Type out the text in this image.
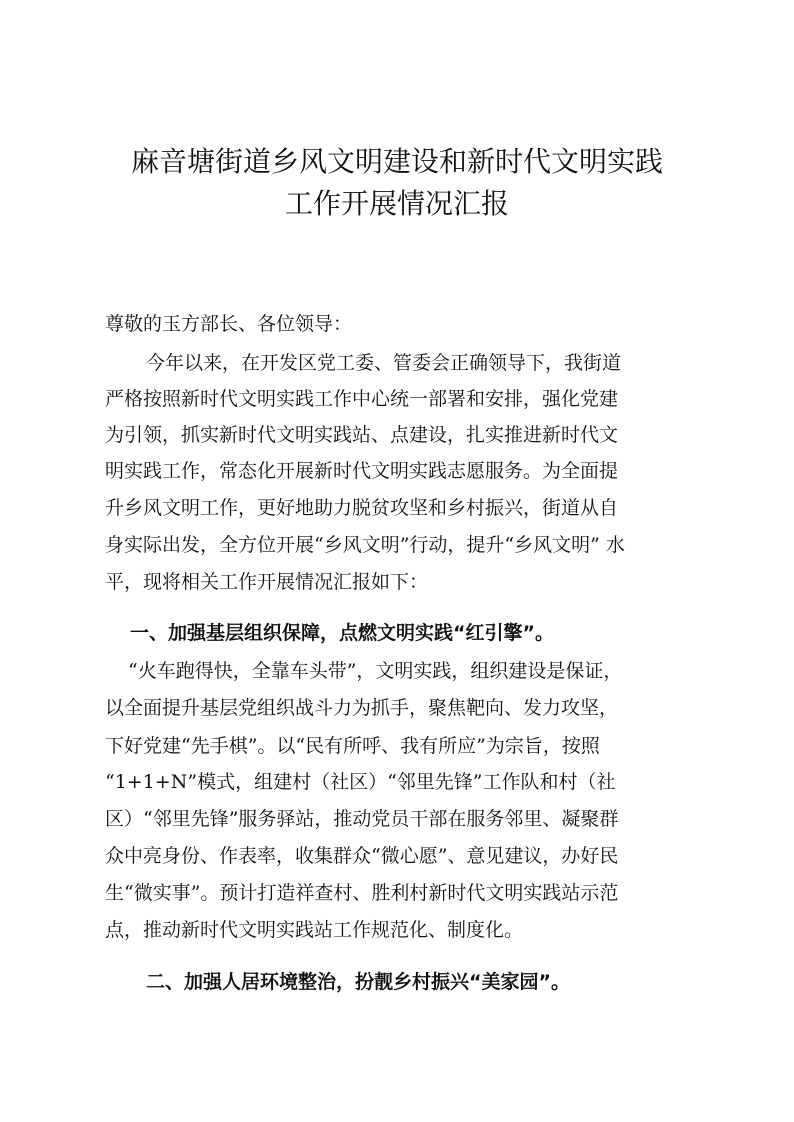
麻音塘街道乡风文明建设和新时代文明实践
工作开展情况汇报

尊敬的玉方部长、各位领导：

今年以来，在开发区党工委、管委会正确领导下，我街道

严格按照新时代文明实践工作中心统一部署和安排，强化党建

为引领，抓实新时代文明实践站、点建设，扎实推进新时代文

明实践工作，常态化开展新时代文明实践志愿服务。为全面提

升乡风文明工作，更好地助力脱贫攻坚和乡村振兴，街道从自

身实际出发，全方位开展“乡风文明”行动，提升“乡风文明” 水

平，现将相关工作开展情况汇报如下：

一、加强基层组织保障，点燃文明实践“红引擎”。

“火车跑得快，全靠车头带”，文明实践，组织建设是保证，

以全面提升基层党组织战斗力为抓手，聚焦靶向、发力攻坚，

下好党建“先手棋”。以“民有所呼、我有所应”为宗旨，按照

“1+1+N”模式，组建村（社区）“邻里先锋”工作队和村（社

区）“邻里先锋”服务驿站，推动党员干部在服务邻里、凝聚群

众中亮身份、作表率，收集群众“微心愿”、意见建议，办好民

生“微实事”。预计打造祥查村、胜利村新时代文明实践站示范

点，推动新时代文明实践站工作规范化、制度化。

二、加强人居环境整治，扮靓乡村振兴“美家园”。
